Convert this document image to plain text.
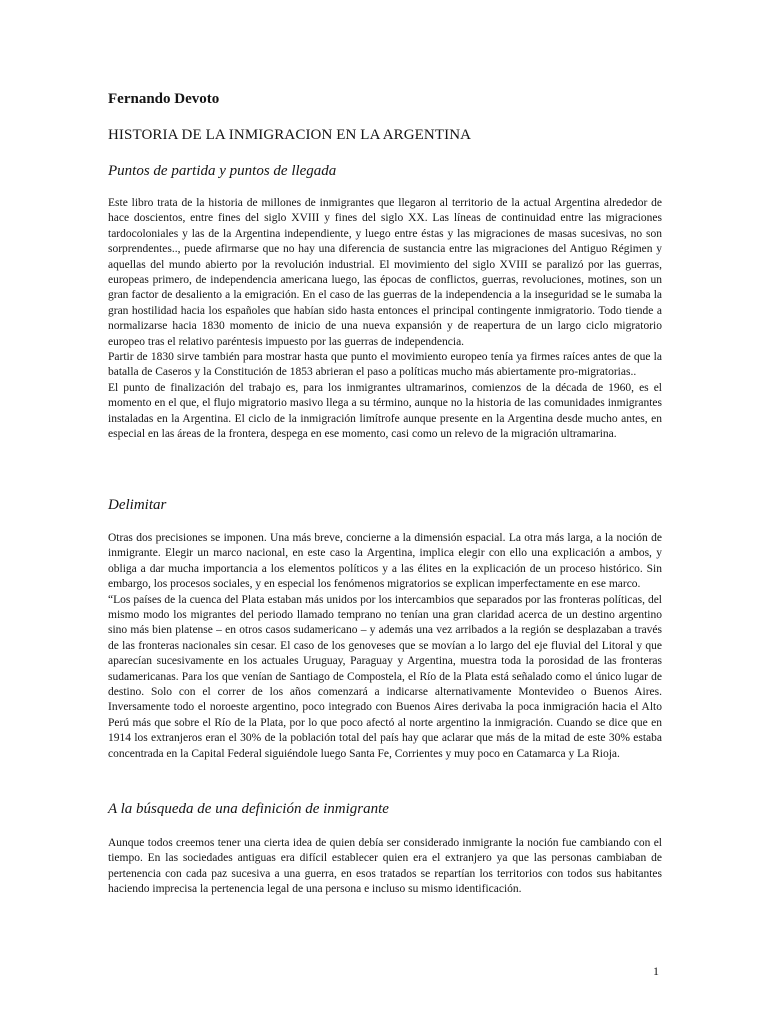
Fernando Devoto
HISTORIA DE LA INMIGRACION EN LA ARGENTINA
Puntos de partida y puntos de llegada

Este libro trata de la historia de millones de inmigrantes que llegaron al territorio de la actual Argentina alrededor de hace doscientos, entre fines del siglo XVIII y fines del siglo XX. Las líneas de continuidad entre las migraciones tardocoloniales y las de la Argentina independiente, y luego entre éstas y las migraciones de masas sucesivas, no son sorprendentes.., puede afirmarse que no hay una diferencia de sustancia entre las migraciones del Antiguo Régimen y aquellas del mundo abierto por la revolución industrial. El movimiento del siglo XVIII se paralizó por las guerras, europeas primero, de independencia americana luego, las épocas de conflictos, guerras, revoluciones, motines, son un gran factor de desaliento a la emigración. En el caso de las guerras de la independencia a la inseguridad se le sumaba la gran hostilidad hacia los españoles que habían sido hasta entonces el principal contingente inmigratorio. Todo tiende a normalizarse hacia 1830 momento de inicio de una nueva expansión y de reapertura de un largo ciclo migratorio europeo tras el relativo paréntesis impuesto por las guerras de independencia.

Partir de 1830 sirve también para mostrar hasta que punto el movimiento europeo tenía ya firmes raíces antes de que la batalla de Caseros y la Constitución de 1853 abrieran el paso a políticas mucho más abiertamente pro-migratorias..

El punto de finalización del trabajo es, para los inmigrantes ultramarinos, comienzos de la década de 1960, es el momento en el que, el flujo migratorio masivo llega a su término, aunque no la historia de las comunidades inmigrantes instaladas en la Argentina. El ciclo de la inmigración limítrofe aunque presente en la Argentina desde mucho antes, en especial en las áreas de la frontera, despega en ese momento, casi como un relevo de la migración ultramarina.

Delimitar

Otras dos precisiones se imponen. Una más breve, concierne a la dimensión espacial. La otra más larga, a la noción de inmigrante. Elegir un marco nacional, en este caso la Argentina, implica elegir con ello una explicación a ambos, y obliga a dar mucha importancia a los elementos políticos y a las élites en la explicación de un proceso histórico. Sin embargo, los procesos sociales, y en especial los fenómenos migratorios se explican imperfectamente en ese marco.

“Los países de la cuenca del Plata estaban más unidos por los intercambios que separados por las fronteras políticas, del mismo modo los migrantes del periodo llamado temprano no tenían una gran claridad acerca de un destino argentino sino más bien platense – en otros casos sudamericano – y además una vez arribados a la región se desplazaban a través de las fronteras nacionales sin cesar. El caso de los genoveses que se movían a lo largo del eje fluvial del Litoral y que aparecían sucesivamente en los actuales Uruguay, Paraguay y Argentina, muestra toda la porosidad de las fronteras sudamericanas. Para los que venían de Santiago de Compostela, el Río de la Plata está señalado como el único lugar de destino. Solo con el correr de los años comenzará a indicarse alternativamente Montevideo o Buenos Aires. Inversamente todo el noroeste argentino, poco integrado con Buenos Aires derivaba la poca inmigración hacia el Alto Perú más que sobre el Río de la Plata, por lo que poco afectó al norte argentino la inmigración. Cuando se dice que en 1914 los extranjeros eran el 30% de la población total del país hay que aclarar que más de la mitad de este 30% estaba concentrada en la Capital Federal siguiéndole luego Santa Fe, Corrientes y muy poco en Catamarca y La Rioja.

A la búsqueda de una definición de inmigrante

Aunque todos creemos tener una cierta idea de quien debía ser considerado inmigrante la noción fue cambiando con el tiempo. En las sociedades antiguas era difícil establecer quien era el extranjero ya que las personas cambiaban de pertenencia con cada paz sucesiva a una guerra, en esos tratados se repartían los territorios con todos sus habitantes haciendo imprecisa la pertenencia legal de una persona e incluso su mismo identificación.

1
